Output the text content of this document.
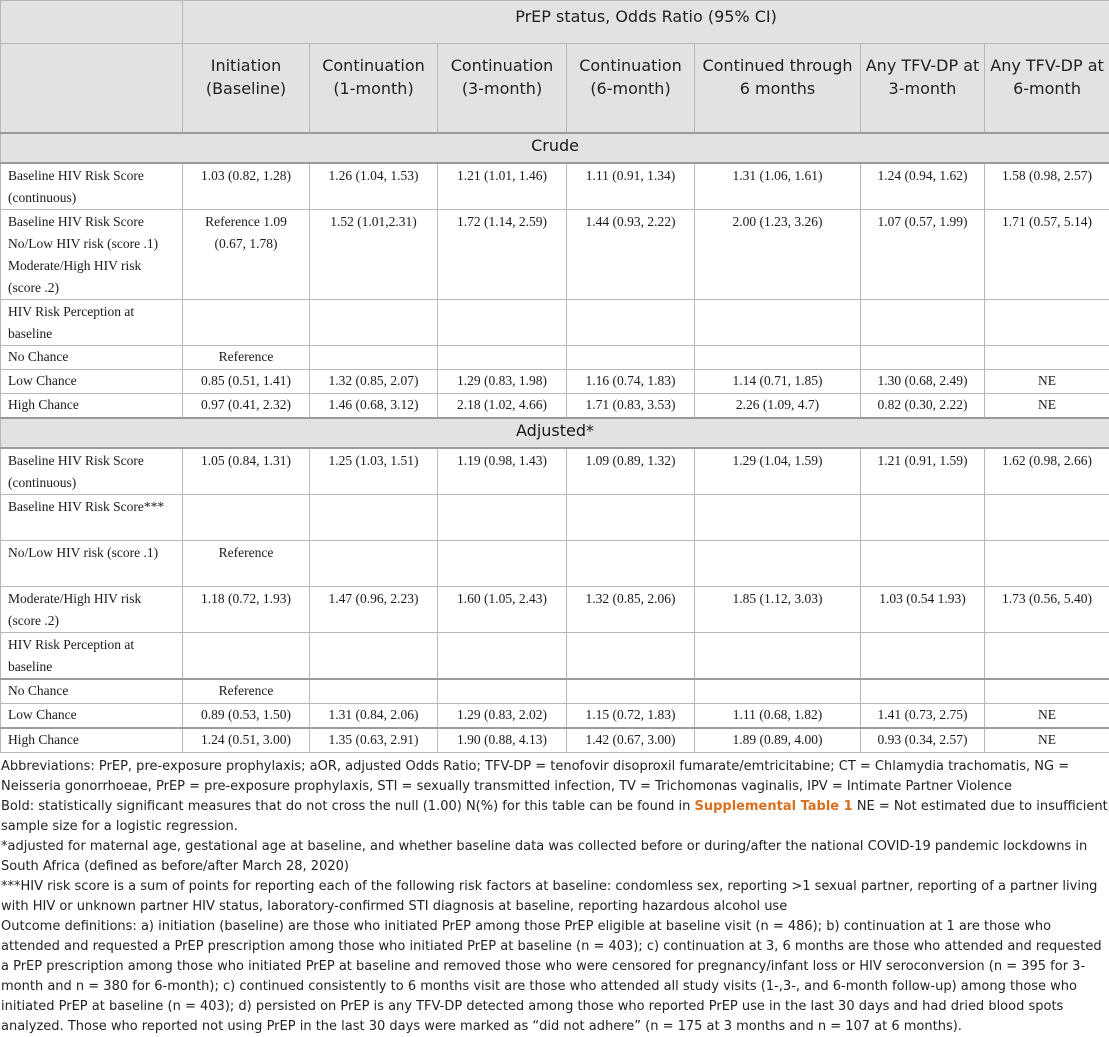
	PrEP status, Odds Ratio (95% CI)						
	Initiation (Baseline)	Continuation (1-month)	Continuation (3-month)	Continuation (6-month)	Continued through 6 months	Any TFV-DP at 3-month	Any TFV-DP at 6-month
Crude							
Baseline HIV Risk Score (continuous)	1.03 (0.82, 1.28)	1.26 (1.04, 1.53)	1.21 (1.01, 1.46)	1.11 (0.91, 1.34)	1.31 (1.06, 1.61)	1.24 (0.94, 1.62)	1.58 (0.98, 2.57)
Baseline HIV Risk Score No/Low HIV risk (score .1) Moderate/High HIV risk (score .2)	Reference 1.09 (0.67, 1.78)	1.52 (1.01,2.31)	1.72 (1.14, 2.59)	1.44 (0.93, 2.22)	2.00 (1.23, 3.26)	1.07 (0.57, 1.99)	1.71 (0.57, 5.14)
HIV Risk Perception at baseline							
No Chance	Reference						
Low Chance	0.85 (0.51, 1.41)	1.32 (0.85, 2.07)	1.29 (0.83, 1.98)	1.16 (0.74, 1.83)	1.14 (0.71, 1.85)	1.30 (0.68, 2.49)	NE
High Chance	0.97 (0.41, 2.32)	1.46 (0.68, 3.12)	2.18 (1.02, 4.66)	1.71 (0.83, 3.53)	2.26 (1.09, 4.7)	0.82 (0.30, 2.22)	NE
Adjusted*							
Baseline HIV Risk Score (continuous)	1.05 (0.84, 1.31)	1.25 (1.03, 1.51)	1.19 (0.98, 1.43)	1.09 (0.89, 1.32)	1.29 (1.04, 1.59)	1.21 (0.91, 1.59)	1.62 (0.98, 2.66)
Baseline HIV Risk Score***							
No/Low HIV risk (score .1)	Reference						
Moderate/High HIV risk (score .2)	1.18 (0.72, 1.93)	1.47 (0.96, 2.23)	1.60 (1.05, 2.43)	1.32 (0.85, 2.06)	1.85 (1.12, 3.03)	1.03 (0.54 1.93)	1.73 (0.56, 5.40)
HIV Risk Perception at baseline							
No Chance	Reference						
Low Chance	0.89 (0.53, 1.50)	1.31 (0.84, 2.06)	1.29 (0.83, 2.02)	1.15 (0.72, 1.83)	1.11 (0.68, 1.82)	1.41 (0.73, 2.75)	NE
High Chance	1.24 (0.51, 3.00)	1.35 (0.63, 2.91)	1.90 (0.88, 4.13)	1.42 (0.67, 3.00)	1.89 (0.89, 4.00)	0.93 (0.34, 2.57)	NE

Abbreviations: PrEP, pre-exposure prophylaxis; aOR, adjusted Odds Ratio; TFV-DP = tenofovir disoproxil fumarate/emtricitabine; CT = Chlamydia trachomatis, NG = Neisseria gonorrhoeae, PrEP = pre-exposure prophylaxis, STI = sexually transmitted infection, TV = Trichomonas vaginalis, IPV = Intimate Partner Violence

Bold: statistically significant measures that do not cross the null (1.00) N(%) for this table can be found in Supplemental Table 1 NE = Not estimated due to insufficient sample size for a logistic regression.

*adjusted for maternal age, gestational age at baseline, and whether baseline data was collected before or during/after the national COVID-19 pandemic lockdowns in South Africa (defined as before/after March 28, 2020)

***HIV risk score is a sum of points for reporting each of the following risk factors at baseline: condomless sex, reporting >1 sexual partner, reporting of a partner living with HIV or unknown partner HIV status, laboratory-confirmed STI diagnosis at baseline, reporting hazardous alcohol use

Outcome definitions: a) initiation (baseline) are those who initiated PrEP among those PrEP eligible at baseline visit (n = 486); b) continuation at 1 are those who attended and requested a PrEP prescription among those who initiated PrEP at baseline (n = 403); c) continuation at 3, 6 months are those who attended and requested a PrEP prescription among those who initiated PrEP at baseline and removed those who were censored for pregnancy/infant loss or HIV seroconversion (n = 395 for 3-month and n = 380 for 6-month); c) continued consistently to 6 months visit are those who attended all study visits (1-,3-, and 6-month follow-up) among those who initiated PrEP at baseline (n = 403); d) persisted on PrEP is any TFV-DP detected among those who reported PrEP use in the last 30 days and had dried blood spots analyzed. Those who reported not using PrEP in the last 30 days were marked as “did not adhere” (n = 175 at 3 months and n = 107 at 6 months).
